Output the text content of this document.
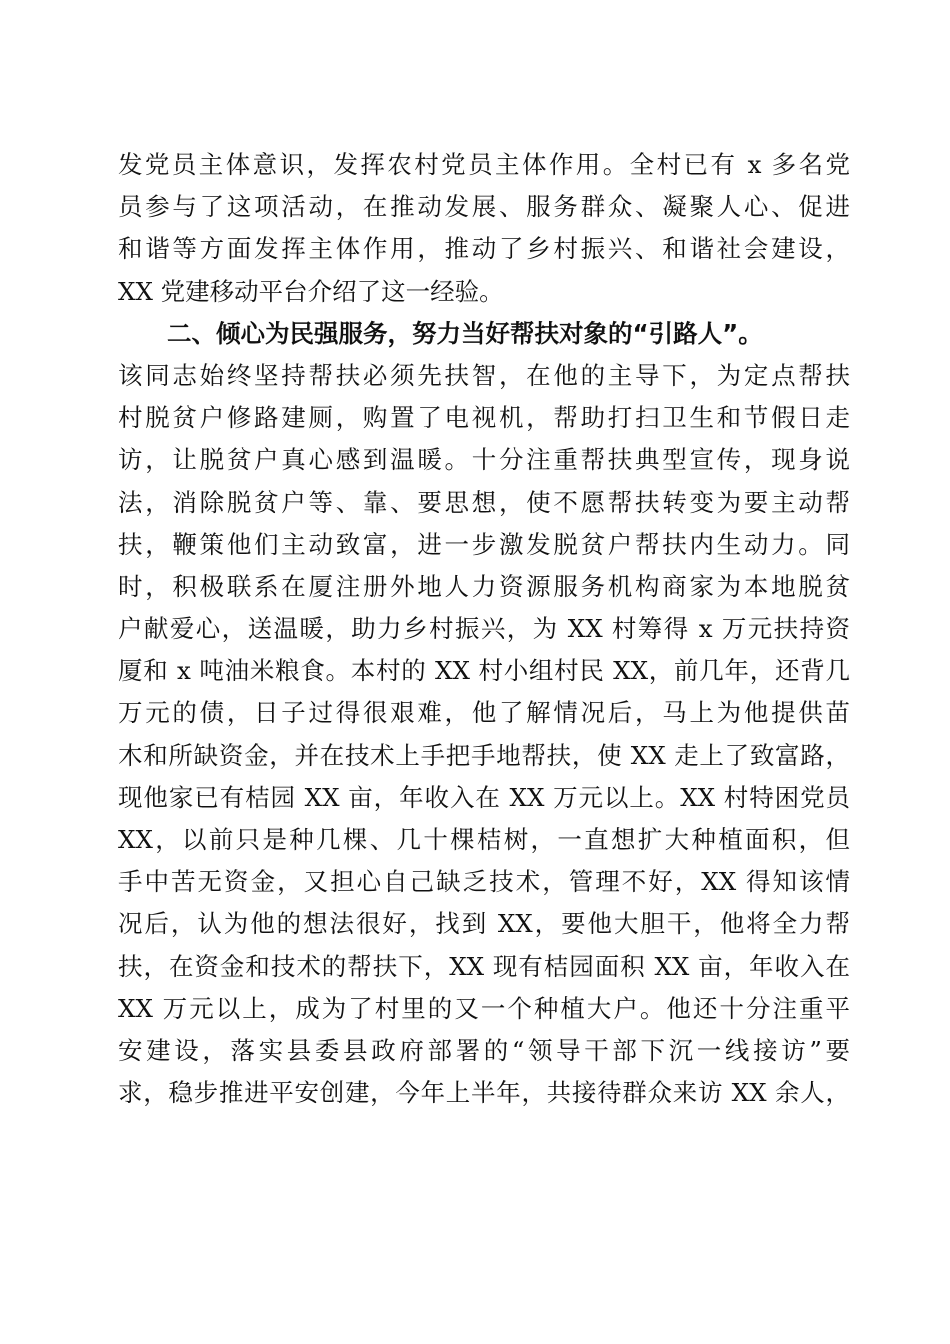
发党员主体意识，发挥农村党员主体作用。全村已有 x 多名党
员参与了这项活动，在推动发展、服务群众、凝聚人心、促进
和谐等方面发挥主体作用，推动了乡村振兴、和谐社会建设，
XX 党建移动平台介绍了这一经验。
二、倾心为民强服务，努力当好帮扶对象的“引路人”。
该同志始终坚持帮扶必须先扶智，在他的主导下，为定点帮扶
村脱贫户修路建厕，购置了电视机，帮助打扫卫生和节假日走
访，让脱贫户真心感到温暖。十分注重帮扶典型宣传，现身说
法，消除脱贫户等、靠、要思想，使不愿帮扶转变为要主动帮
扶，鞭策他们主动致富，进一步激发脱贫户帮扶内生动力。同
时，积极联系在厦注册外地人力资源服务机构商家为本地脱贫
户献爱心，送温暖，助力乡村振兴，为 XX 村筹得 x 万元扶持资
厦和 x 吨油米粮食。本村的 XX 村小组村民 XX，前几年，还背几
万元的债，日子过得很艰难，他了解情况后，马上为他提供苗
木和所缺资金，并在技术上手把手地帮扶，使 XX 走上了致富路，
现他家已有桔园 XX 亩，年收入在 XX 万元以上。XX 村特困党员
XX，以前只是种几棵、几十棵桔树，一直想扩大种植面积，但
手中苦无资金，又担心自己缺乏技术，管理不好，XX 得知该情
况后，认为他的想法很好，找到 XX，要他大胆干，他将全力帮
扶，在资金和技术的帮扶下，XX 现有桔园面积 XX 亩，年收入在
XX 万元以上，成为了村里的又一个种植大户。他还十分注重平
安建设，落实县委县政府部署的“领导干部下沉一线接访”要
求，稳步推进平安创建，今年上半年，共接待群众来访 XX 余人，
